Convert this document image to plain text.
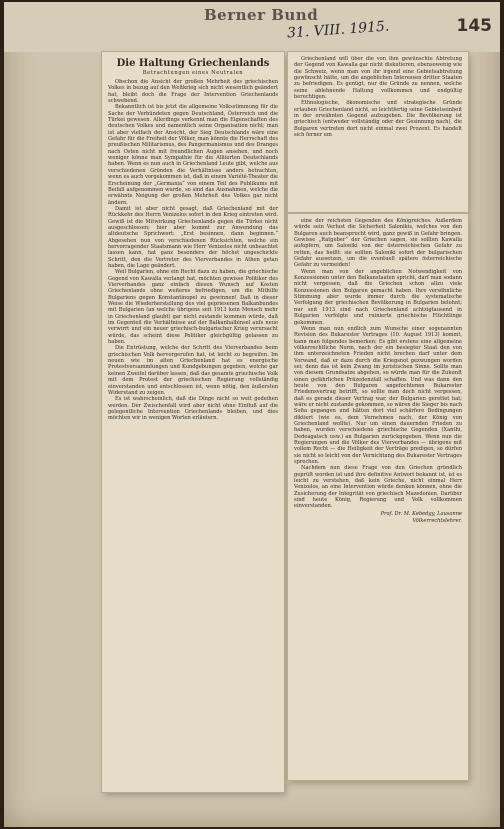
Berner Bund
31. VIII. 1915.	145
Die Haltung Griechenlands
Betrachtungen eines Neutralen

Obschon die Ansicht der großen Mehrheit des griechischen Volkes in bezug auf den Weltkrieg sich nicht wesentlich geändert hat, bleibt doch die Frage der Intervention Griechenlands schwebend.

Bekanntlich ist bis jetzt die allgemeine Volksstimmung für die Sache der Verbündeten gegen Deutschland, Österreich und die Türkei gewesen. Allerdings verkennt man die Eigenschaften des deutschen Volkes und namentlich seine Organisation nicht; man ist aber vielfach der Ansicht, der Sieg Deutschlands wäre eine Gefahr für die Freiheit der Völker, man könnte die Herrschaft des preußischen Militarismus, des Pangermanismus und des Dranges nach Osten nicht mit freundlichen Augen ansehen, und noch weniger könne man Sympathie für die Alliierten Deutschlands haben. Wenn es nun auch in Griechenland Leute gibt, welche aus verschiedenen Gründen die Verhältnisse anders betrachten, wenn es auch vorgekommen ist, daß in einem Variété-Theater die Erscheinung der „Germania“ von einem Teil des Publikums mit Beifall aufgenommen wurde, so sind das Ausnahmen, welche die erwähnte Neigung der großen Mehrheit des Volkes gar nicht ändern.

Damit ist aber nicht gesagt, daß Griechenland mit der Rückkehr des Herrn Venizelos sofort in den Krieg eintreten wird. Gewiß ist die Mitwirkung Griechenlands gegen die Türkei nicht ausgeschlossen; hier aber kommt zur Anwendung das altdeutsche Sprichwort: „Erst besinnen, dann beginnen.“ Abgesehen nun von verschiedenen Rücksichten, welche ein hervorragender Staatsmann wie Herr Venizelos nicht unbeachtet lassen kann, hat ganz besonders der höchst ungeschickte Schritt, den die Vertreter des Vierverbandes in Athen getan haben, die Lage geändert.

Weil Bulgarien, ohne ein Recht dazu zu haben, die griechische Gegend von Kawalla verlangt hat, möchten gewisse Politiker des Vierverbandes ganz einfach diesen Wunsch auf Kosten Griechenlands ohne weiteres befriedigen, um die Mithilfe Bulgariens gegen Konstantinopel zu gewinnen! Daß in dieser Weise die Wiederherstellung des viel gepriesenen Balkanbundes mit Bulgarien (an welche übrigens seit 1913 kein Mensch mehr in Griechenland glaubt) gar nicht zustande kommen würde, daß im Gegenteil die Verhältnisse auf der Balkanhalbinsel aufs neue verwirrt und ein neuer griechisch-bulgarischer Krieg verursacht würde, das scheint diese Politiker gleichgültig gelassen zu haben.

Die Entrüstung, welche der Schritt des Vierverbandes beim griechischen Volk hervorgerufen hat, ist leicht zu begreifen. Im neuen wie im alten Griechenland hat es energische Protestversammlungen und Kundgebungen gegeben, welche gar keinen Zweifel darüber lassen, daß das gesamte griechische Volk mit dem Protest der griechischen Regierung vollständig einverstanden und entschlossen ist, wenn nötig, den äußersten Widerstand zu zeigen.

Es ist wahrscheinlich, daß die Dinge nicht so weit gedeihen werden. Der Zwischenfall wird aber nicht ohne Einfluß auf die gelegentliche Intervention Griechenlands bleiben, und dies möchten wir in wenigen Worten erläutern.

Griechenland will über die von ihm gewünschte Abtretung der Gegend von Kawalla gar nicht diskutieren, ebensowenig wie die Schweiz, wenn man von ihr irgend eine Gebietsabtretung gewünscht hätte, um die angeblichen Interessen dritter Staaten zu befriedigen. Es genügt, nur die Gründe zu nennen, welche seine ablehnende Haltung vollkommen und endgültig berechtigen.

Ethnologische, ökonomische und strategische Gründe erlauben Griechenland nicht, so leichtfertig seine Gebietseinheit in der erwähnten Gegend aufzugeben. Die Bevölkerung ist griechisch (entweder vollständig oder der Gesinnung nach), die Bulgaren vertreten dort nicht einmal zwei Prozent. Es handelt sich ferner um

eine der reichsten Gegenden des Königreiches. Außerdem würde sein Verlust die Sicherheit Salonikis, welches von den Bulgaren auch beansprucht wird, ganz gewiß in Gefahr bringen. Gewisse „Ratgeber“ der Griechen sagen, sie sollten Kawalla aufopfern, um Saloniki von der österreichischen Gefahr zu retten, das heißt: sie sollten Saloniki sofort der bulgarischen Gefahr aussetzen, um die eventuell spätere österreichische Gefahr zu vermeiden!

Wenn man von der angeblichen Notwendigkeit von Konzessionen unter den Balkanstaaten spricht, darf man sodann nicht vergessen, daß die Griechen schon allzu viele Konzessionen den Bulgaren gemacht haben. Ihre versöhnliche Stimmung aber wurde immer durch die systematische Verfolgung der griechischen Bevölkerung in Bulgarien belohnt; nur seit 1913 sind nach Griechenland achtzigtausend in Bulgarien verfolgte und ruinierte griechische Flüchtlinge gekommen.

Wenn man nun endlich zum Wunsche einer sogenannten Revision des Bukarester Vertrages (10. August 1913) kommt, kann man folgendes bemerken: Es gibt erstens eine allgemeine völkerrechtliche Norm, nach der ein besiegter Staat den von ihm unterzeichneten Frieden nicht brechen darf unter dem Vorwand, daß er dazu durch die Kriegsnot gezwungen worden sei; denn das ist kein Zwang im juristischen Sinne. Sollte man von diesem Grundsatze abgehen, so würde man für die Zukunft einen gefährlichen Präzedenzfall schaffen. Und was dann den heute von den Bulgaren angefochtenen Bukarester Friedensvertrag betrifft, so sollte man doch nicht vergessen, daß es gerade dieser Vertrag war, der Bulgarien gerettet hat; wäre er nicht zustande gekommen, so wären die Sieger bis nach Sofia gegangen und hätten dort viel schärfere Bedingungen diktiert (wie es, dem Vernehmen nach, der König von Griechenland wollte). Nur um einen dauernden Frieden zu haben, wurden verschiedene griechische Gegenden (Xanthi, Dedeagatsch usw.) an Bulgarien zurückgegeben. Wenn nun die Regierungen und die Völker des Vierverbandes — übrigens mit vollem Recht — die Heiligkeit der Verträge predigen, so dürfen sie nicht so leicht von der Vernichtung des Bukarester Vertrages sprechen.

Nachdem nun diese Frage von den Griechen gründlich geprüft worden ist und ihre definitive Antwort bekannt ist, ist es leicht zu verstehen, daß kein Grieche, nicht einmal Herr Venizelos, an eine Intervention würde denken können, ohne die Zusicherung der Integrität von griechisch Mazedonien. Darüber sind heute König, Regierung und Volk vollkommen einverstanden.

Prof. Dr. M. Kebedgy, Lausanne

Völkerrechtslehrer.
